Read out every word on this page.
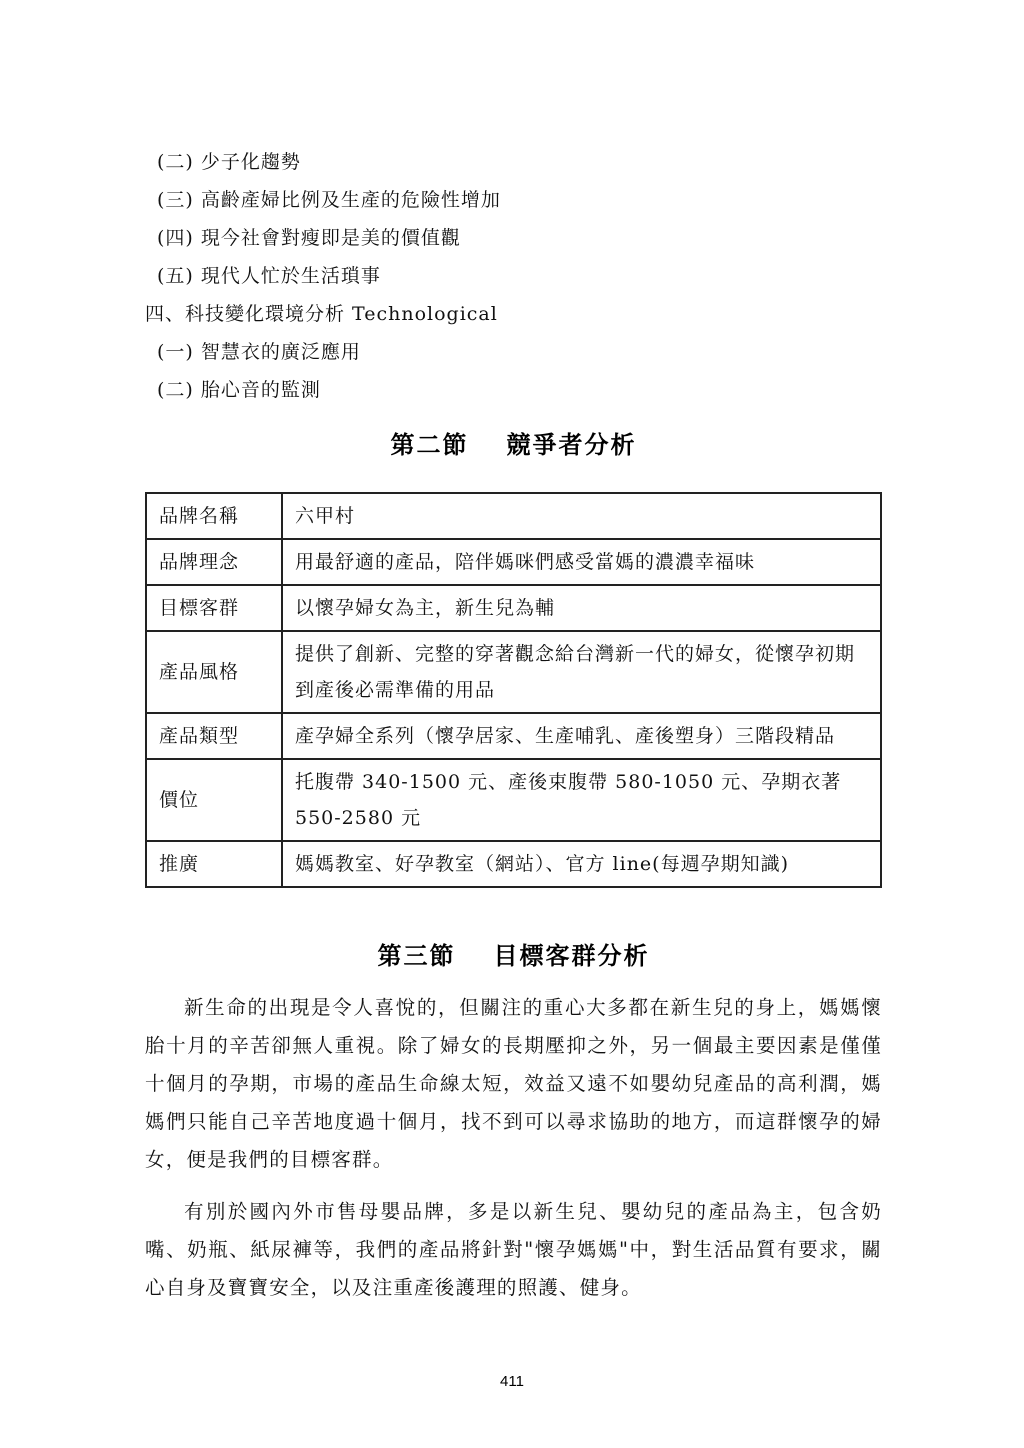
(二) 少子化趨勢
(三) 高齡產婦比例及生產的危險性增加
(四) 現今社會對瘦即是美的價值觀
(五) 現代人忙於生活瑣事
四、科技變化環境分析 Technological
(一) 智慧衣的廣泛應用
(二) 胎心音的監測
第二節 競爭者分析
品牌名稱	六甲村
品牌理念	用最舒適的產品，陪伴媽咪們感受當媽的濃濃幸福味
目標客群	以懷孕婦女為主，新生兒為輔
產品風格	提供了創新、完整的穿著觀念給台灣新一代的婦女，從懷孕初期到產後必需準備的用品
產品類型	產孕婦全系列（懷孕居家、生產哺乳、產後塑身）三階段精品
價位	托腹帶 340-1500 元、產後束腹帶 580-1050 元、孕期衣著 550-2580 元
推廣	媽媽教室、好孕教室（網站）、官方 line(每週孕期知識)
第三節 目標客群分析

新生命的出現是令人喜悅的，但關注的重心大多都在新生兒的身上，媽媽懷胎十月的辛苦卻無人重視。除了婦女的長期壓抑之外，另一個最主要因素是僅僅十個月的孕期，市場的產品生命線太短，效益又遠不如嬰幼兒產品的高利潤，媽媽們只能自己辛苦地度過十個月，找不到可以尋求協助的地方，而這群懷孕的婦女，便是我們的目標客群。

有別於國內外市售母嬰品牌，多是以新生兒、嬰幼兒的產品為主，包含奶嘴、奶瓶、紙尿褲等，我們的產品將針對"懷孕媽媽"中，對生活品質有要求，關心自身及寶寶安全，以及注重產後護理的照護、健身。

411
